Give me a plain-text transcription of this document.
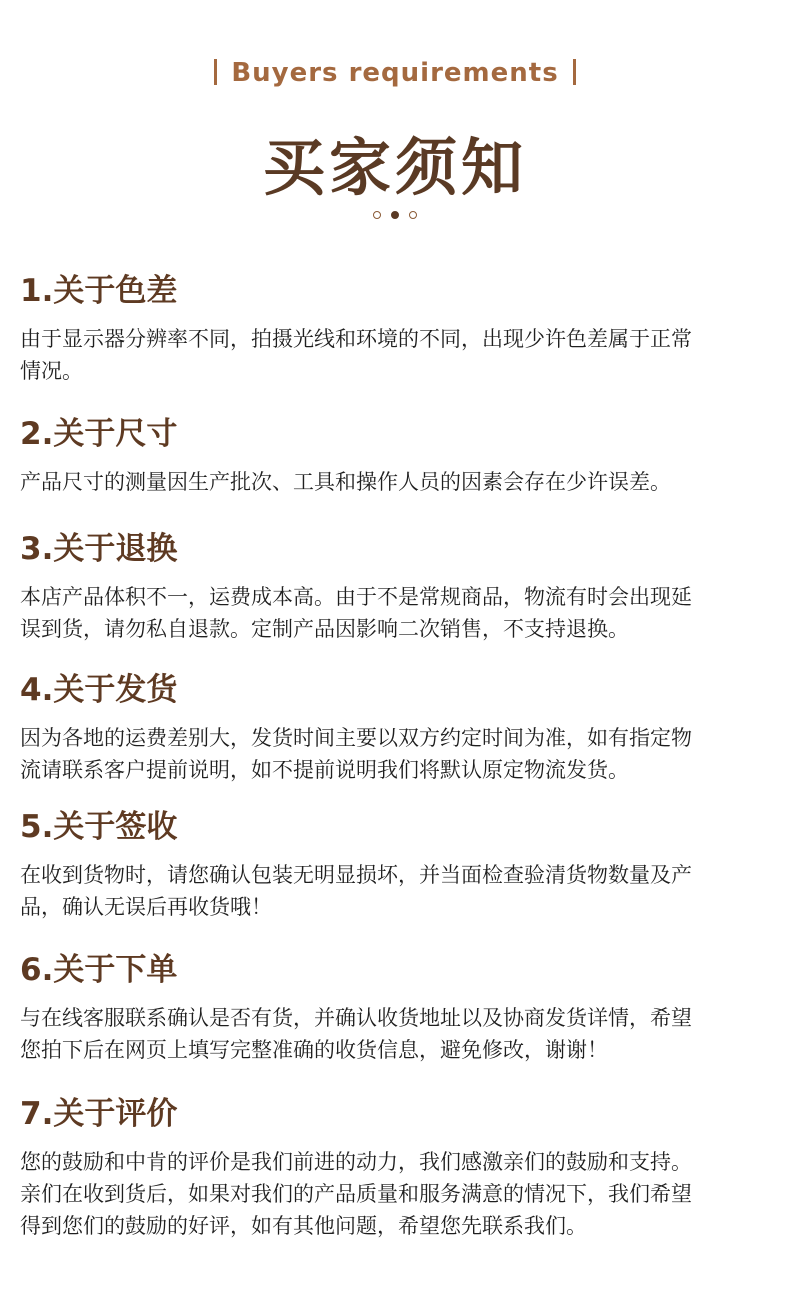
Buyers requirements
买家须知

1.关于色差
由于显示器分辨率不同，拍摄光线和环境的不同，出现少许色差属于正常
情况。
2.关于尺寸
产品尺寸的测量因生产批次、工具和操作人员的因素会存在少许误差。
3.关于退换
本店产品体积不一，运费成本高。由于不是常规商品，物流有时会出现延
误到货，请勿私自退款。定制产品因影响二次销售，不支持退换。
4.关于发货
因为各地的运费差别大，发货时间主要以双方约定时间为准，如有指定物
流请联系客户提前说明，如不提前说明我们将默认原定物流发货。
5.关于签收
在收到货物时，请您确认包装无明显损坏，并当面检查验清货物数量及产
品，确认无误后再收货哦！
6.关于下单
与在线客服联系确认是否有货，并确认收货地址以及协商发货详情，希望
您拍下后在网页上填写完整准确的收货信息，避免修改，谢谢！
7.关于评价
您的鼓励和中肯的评价是我们前进的动力，我们感激亲们的鼓励和支持。
亲们在收到货后，如果对我们的产品质量和服务满意的情况下，我们希望
得到您们的鼓励的好评，如有其他问题，希望您先联系我们。
